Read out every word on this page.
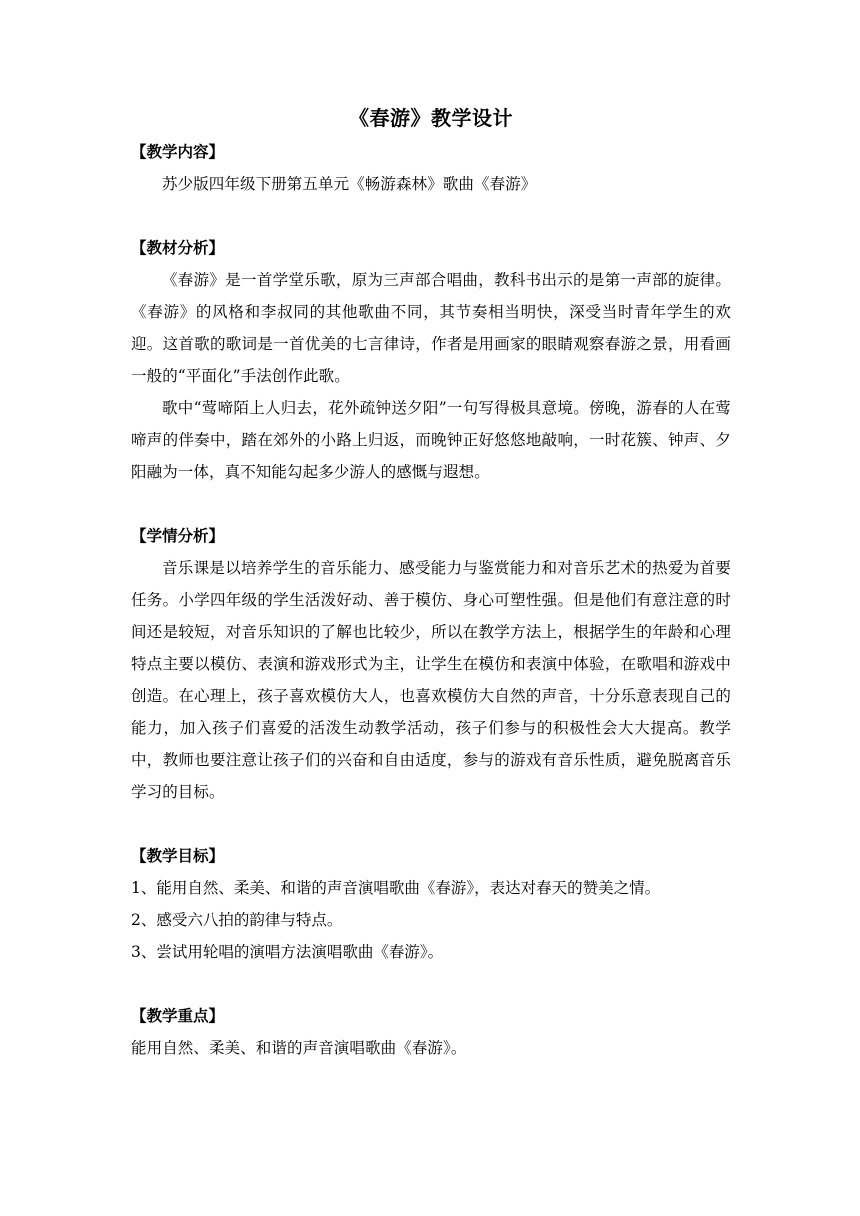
《春游》教学设计
【教学内容】

苏少版四年级下册第五单元《畅游森林》歌曲《春游》

【教材分析】

《春游》是一首学堂乐歌，原为三声部合唱曲，教科书出示的是第一声部的旋律。《春游》的风格和李叔同的其他歌曲不同，其节奏相当明快，深受当时青年学生的欢迎。这首歌的歌词是一首优美的七言律诗，作者是用画家的眼睛观察春游之景，用看画一般的“平面化”手法创作此歌。

歌中“莺啼陌上人归去，花外疏钟送夕阳”一句写得极具意境。傍晚，游春的人在莺啼声的伴奏中，踏在郊外的小路上归返，而晚钟正好悠悠地敲响，一时花簇、钟声、夕阳融为一体，真不知能勾起多少游人的感慨与遐想。

【学情分析】

音乐课是以培养学生的音乐能力、感受能力与鉴赏能力和对音乐艺术的热爱为首要任务。小学四年级的学生活泼好动、善于模仿、身心可塑性强。但是他们有意注意的时间还是较短，对音乐知识的了解也比较少，所以在教学方法上，根据学生的年龄和心理特点主要以模仿、表演和游戏形式为主，让学生在模仿和表演中体验，在歌唱和游戏中创造。在心理上，孩子喜欢模仿大人，也喜欢模仿大自然的声音，十分乐意表现自己的能力，加入孩子们喜爱的活泼生动教学活动，孩子们参与的积极性会大大提高。教学中，教师也要注意让孩子们的兴奋和自由适度，参与的游戏有音乐性质，避免脱离音乐学习的目标。

【教学目标】
1、能用自然、柔美、和谐的声音演唱歌曲《春游》，表达对春天的赞美之情。
2、感受六八拍的韵律与特点。
3、尝试用轮唱的演唱方法演唱歌曲《春游》。
【教学重点】

能用自然、柔美、和谐的声音演唱歌曲《春游》。
